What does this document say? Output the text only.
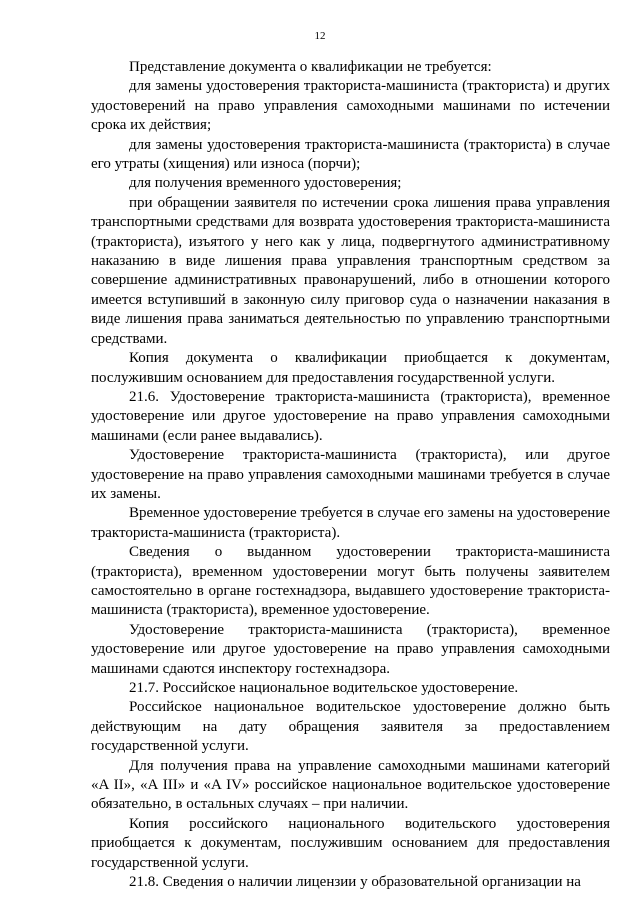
12

Представление документа о квалификации не требуется:

для замены удостоверения тракториста-машиниста (тракториста) и других удостоверений на право управления самоходными машинами по истечении срока их действия;

для замены удостоверения тракториста-машиниста (тракториста) в случае его утраты (хищения) или износа (порчи);

для получения временного удостоверения;

при обращении заявителя по истечении срока лишения права управления транспортными средствами для возврата удостоверения тракториста-машиниста (тракториста), изъятого у него как у лица, подвергнутого административному наказанию в виде лишения права управления транспортным средством за совершение административных правонарушений, либо в отношении которого имеется вступивший в законную силу приговор суда о назначении наказания в виде лишения права заниматься деятельностью по управлению транспортными средствами.

Копия документа о квалификации приобщается к документам, послужившим основанием для предоставления государственной услуги.

21.6. Удостоверение тракториста-машиниста (тракториста), временное удостоверение или другое удостоверение на право управления самоходными машинами (если ранее выдавались).

Удостоверение тракториста-машиниста (тракториста), или другое удостоверение на право управления самоходными машинами требуется в случае их замены.

Временное удостоверение требуется в случае его замены на удостоверение тракториста-машиниста (тракториста).

Сведения о выданном удостоверении тракториста-машиниста (тракториста), временном удостоверении могут быть получены заявителем самостоятельно в органе гостехнадзора, выдавшего удостоверение тракториста-машиниста (тракториста), временное удостоверение.

Удостоверение тракториста-машиниста (тракториста), временное удостоверение или другое удостоверение на право управления самоходными машинами сдаются инспектору гостехнадзора.

21.7. Российское национальное водительское удостоверение.

Российское национальное водительское удостоверение должно быть действующим на дату обращения заявителя за предоставлением государственной услуги.

Для получения права на управление самоходными машинами категорий «A II», «A III» и «A IV» российское национальное водительское удостоверение обязательно, в остальных случаях – при наличии.

Копия российского национального водительского удостоверения приобщается к документам, послужившим основанием для предоставления государственной услуги.

21.8. Сведения о наличии лицензии у образовательной организации на
